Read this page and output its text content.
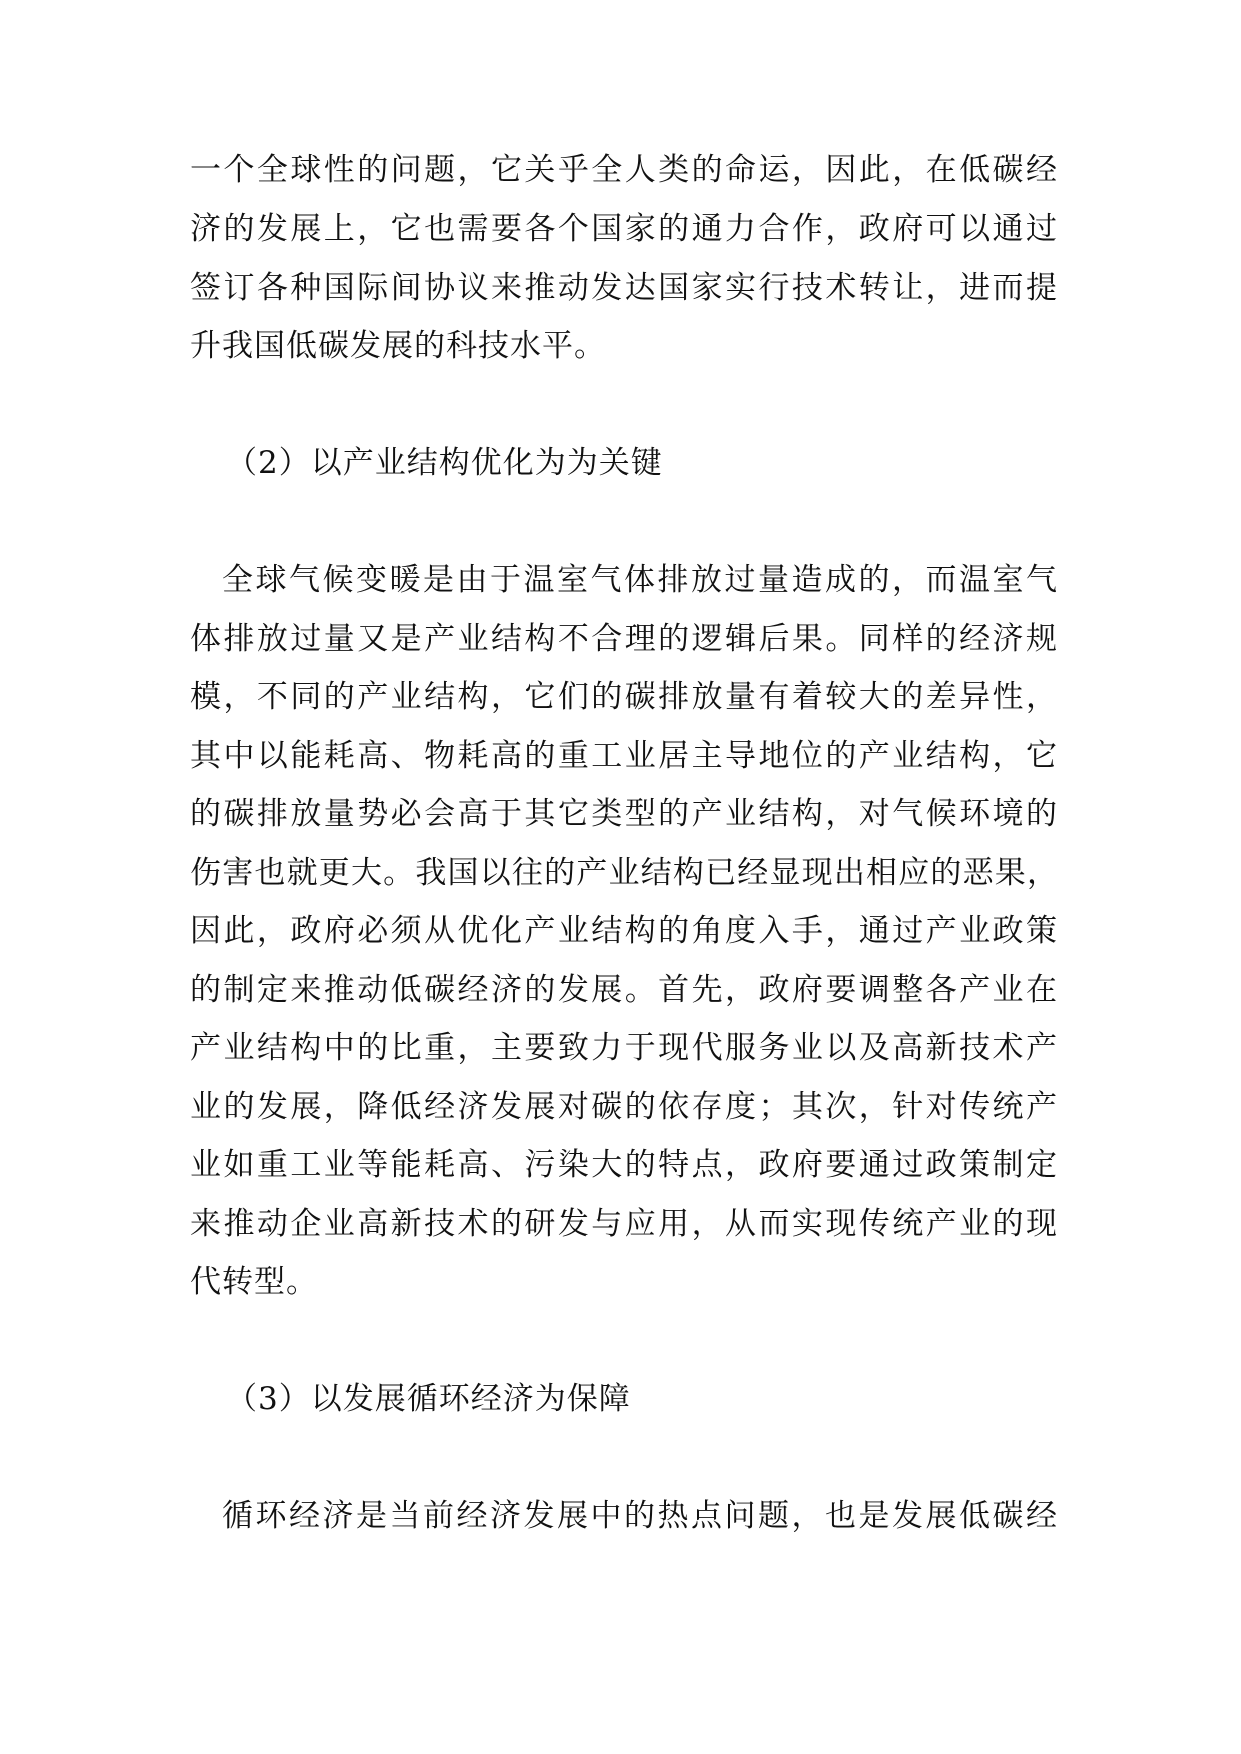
一个全球性的问题，它关乎全人类的命运，因此，在低碳经
济的发展上，它也需要各个国家的通力合作，政府可以通过
签订各种国际间协议来推动发达国家实行技术转让，进而提
升我国低碳发展的科技水平。
（2）以产业结构优化为为关键
全球气候变暖是由于温室气体排放过量造成的，而温室气
体排放过量又是产业结构不合理的逻辑后果。同样的经济规
模，不同的产业结构，它们的碳排放量有着较大的差异性，
其中以能耗高、物耗高的重工业居主导地位的产业结构，它
的碳排放量势必会高于其它类型的产业结构，对气候环境的
伤害也就更大。我国以往的产业结构已经显现出相应的恶果，
因此，政府必须从优化产业结构的角度入手，通过产业政策
的制定来推动低碳经济的发展。首先，政府要调整各产业在
产业结构中的比重，主要致力于现代服务业以及高新技术产
业的发展，降低经济发展对碳的依存度；其次，针对传统产
业如重工业等能耗高、污染大的特点，政府要通过政策制定
来推动企业高新技术的研发与应用，从而实现传统产业的现
代转型。
（3）以发展循环经济为保障
循环经济是当前经济发展中的热点问题，也是发展低碳经
